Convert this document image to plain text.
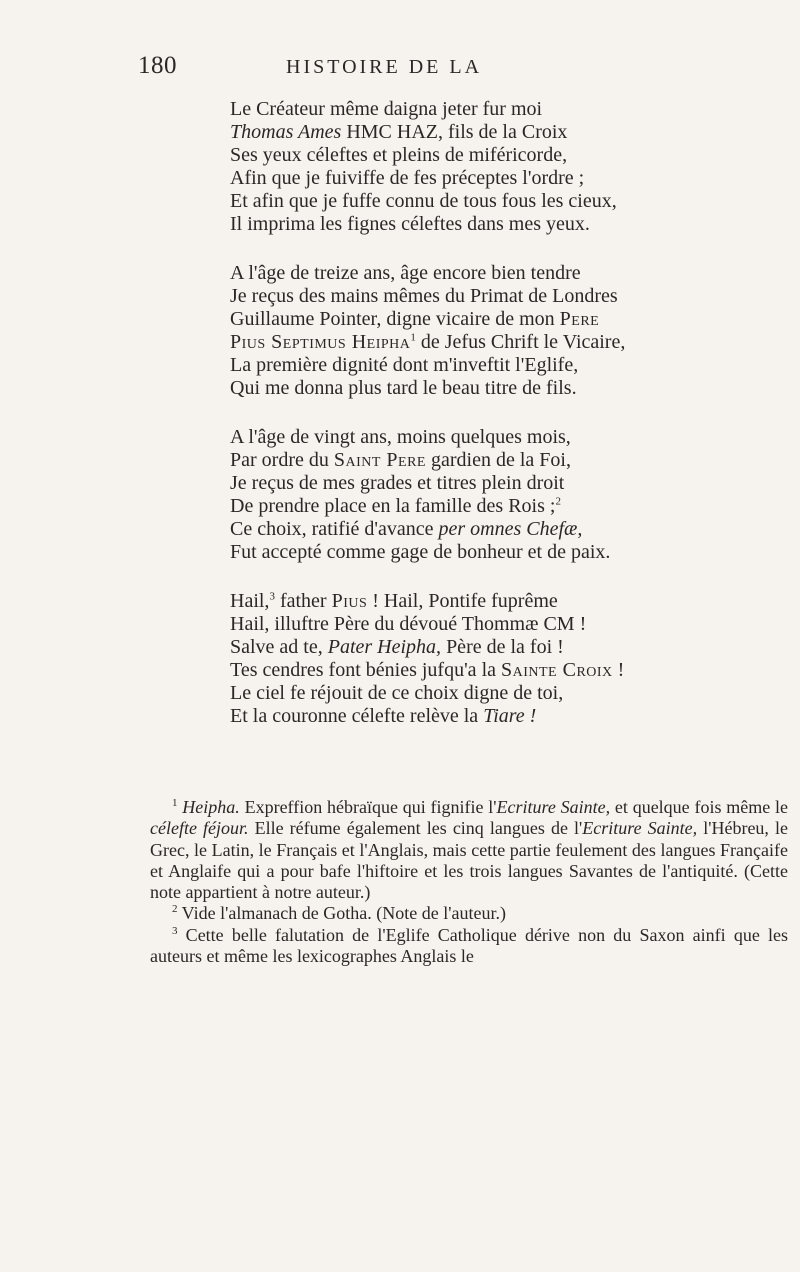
180	HISTOIRE DE LA
Le Créateur même daigna jeter fur moi
Thomas Ames HMC HAZ, fils de la Croix
Ses yeux céleftes et pleins de miféricorde,
Afin que je fuiviffe de fes préceptes l'ordre ;
Et afin que je fuffe connu de tous fous les cieux,
Il imprima les fignes céleftes dans mes yeux.
A l'âge de treize ans, âge encore bien tendre
Je reçus des mains mêmes du Primat de Londres
Guillaume Pointer, digne vicaire de mon Pere
Pius Septimus Heipha$^1$ de Jefus Chrift le Vicaire,
La première dignité dont m'inveftit l'Eglife,
Qui me donna plus tard le beau titre de fils.
A l'âge de vingt ans, moins quelques mois,
Par ordre du Saint Pere gardien de la Foi,
Je reçus de mes grades et titres plein droit
De prendre place en la famille des Rois ;$^2$
Ce choix, ratifié d'avance per omnes Chefæ,
Fut accepté comme gage de bonheur et de paix.
Hail,$^3$ father Pius ! Hail, Pontife fuprême
Hail, illuftre Père du dévoué Thommæ CM !
Salve ad te, Pater Heipha, Père de la foi !
Tes cendres font bénies jufqu'a la Sainte Croix !
Le ciel fe réjouit de ce choix digne de toi,
Et la couronne célefte relève la Tiare !

$^1$ Heipha. Expreffion hébraïque qui fignifie l'Ecriture Sainte, et quelque fois même le célefte féjour. Elle réfume également les cinq langues de l'Ecriture Sainte, l'Hébreu, le Grec, le Latin, le Français et l'Anglais, mais cette partie feulement des langues Françaife et Anglaife qui a pour bafe l'hiftoire et les trois langues Savantes de l'antiquité. (Cette note appartient à notre auteur.)

$^2$ Vide l'almanach de Gotha. (Note de l'auteur.)

$^3$ Cette belle falutation de l'Eglife Catholique dérive non du Saxon ainfi que les auteurs et même les lexicographes Anglais le
